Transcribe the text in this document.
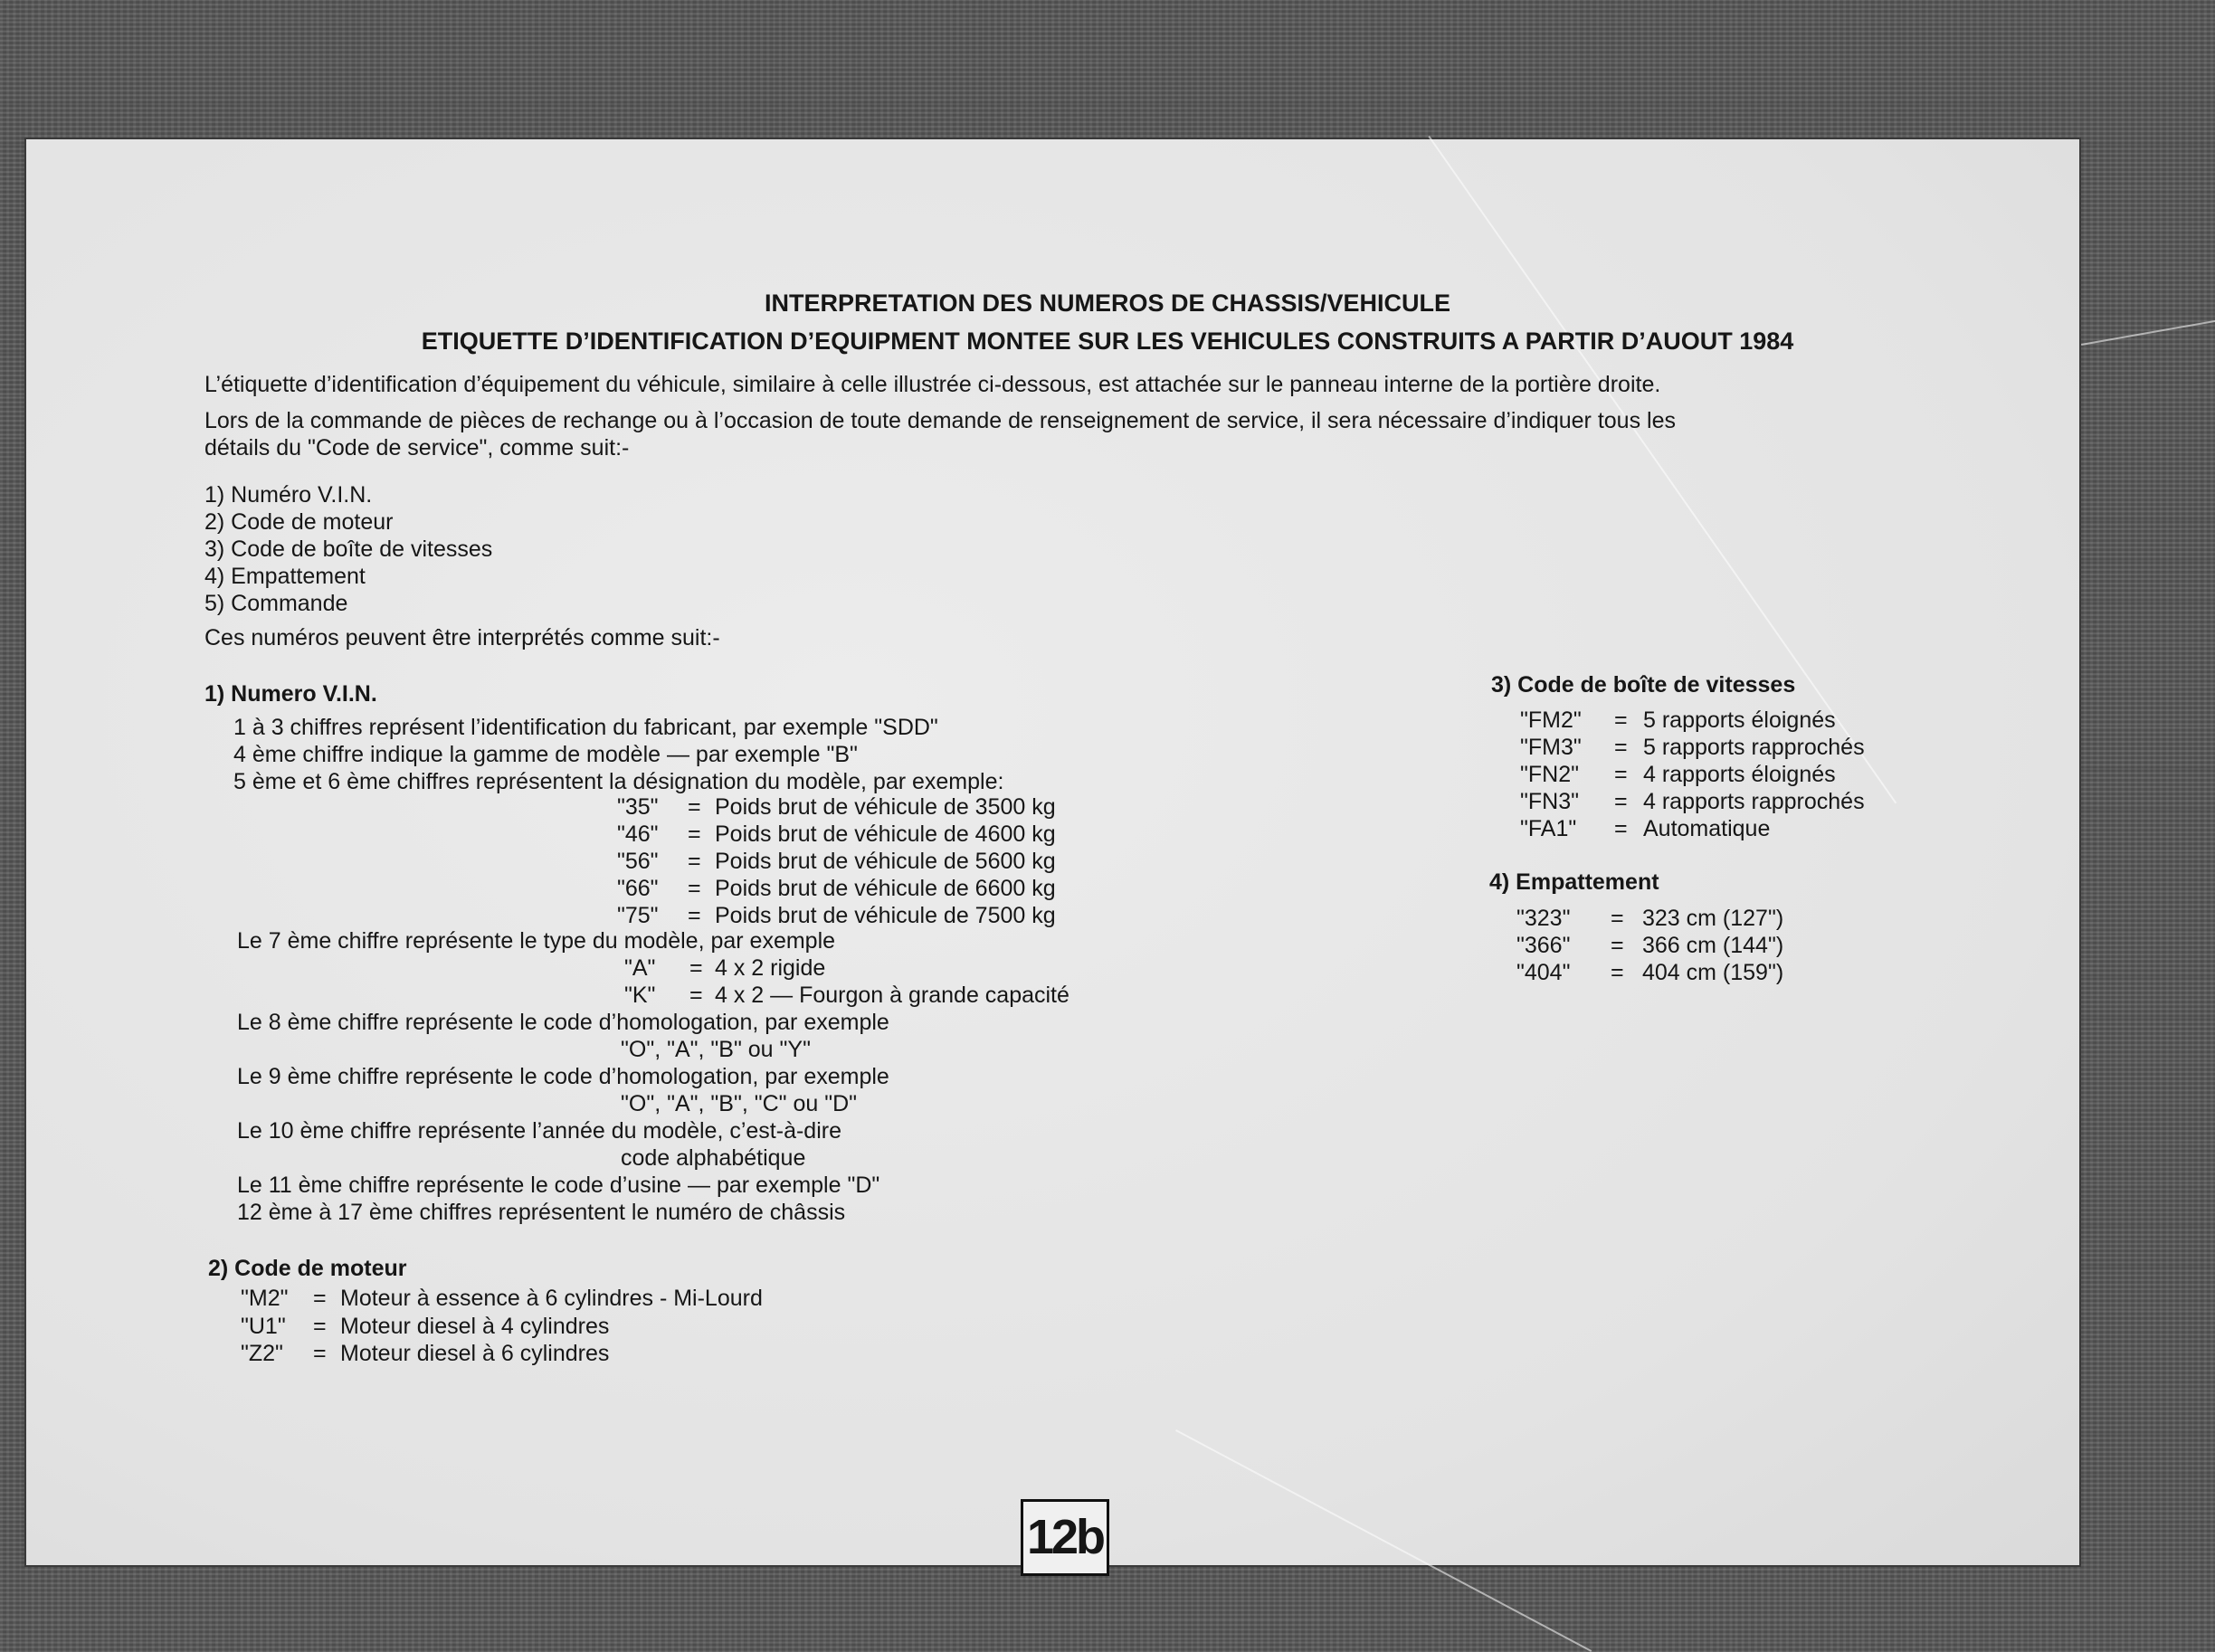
INTERPRETATION DES NUMEROS DE CHASSIS/VEHICULE
ETIQUETTE D’IDENTIFICATION D’EQUIPMENT MONTEE SUR LES VEHICULES CONSTRUITS A PARTIR D’AUOUT 1984
L’étiquette d’identification d’équipement du véhicule, similaire à celle illustrée ci-dessous, est attachée sur le panneau interne de la portière droite.
Lors de la commande de pièces de rechange ou à l’occasion de toute demande de renseignement de service, il sera nécessaire d’indiquer tous les
détails du "Code de service", comme suit:-
1) Numéro V.I.N.
2) Code de moteur
3) Code de boîte de vitesses
4) Empattement
5) Commande
Ces numéros peuvent être interprétés comme suit:-
1) Numero V.I.N.
1 à 3 chiffres représent l’identification du fabricant, par exemple "SDD"
4 ème chiffre indique la gamme de modèle — par exemple "B"
5 ème et 6 ème chiffres représentent la désignation du modèle, par exemple:
"35" = Poids brut de véhicule de 3500 kg
"46" = Poids brut de véhicule de 4600 kg
"56" = Poids brut de véhicule de 5600 kg
"66" = Poids brut de véhicule de 6600 kg
"75" = Poids brut de véhicule de 7500 kg
Le 7 ème chiffre représente le type du modèle, par exemple
"A" = 4 x 2 rigide
"K" = 4 x 2 — Fourgon à grande capacité
Le 8 ème chiffre représente le code d’homologation, par exemple
"O", "A", "B" ou "Y"
Le 9 ème chiffre représente le code d’homologation, par exemple
"O", "A", "B", "C" ou "D"
Le 10 ème chiffre représente l’année du modèle, c’est-à-dire
code alphabétique
Le 11 ème chiffre représente le code d’usine — par exemple "D"
12 ème à 17 ème chiffres représentent le numéro de châssis
2) Code de moteur
"M2" = Moteur à essence à 6 cylindres - Mi-Lourd
"U1" = Moteur diesel à 4 cylindres
"Z2" = Moteur diesel à 6 cylindres
3) Code de boîte de vitesses
"FM2" = 5 rapports éloignés
"FM3" = 5 rapports rapprochés
"FN2" = 4 rapports éloignés
"FN3" = 4 rapports rapprochés
"FA1" = Automatique
4) Empattement
"323" = 323 cm (127")
"366" = 366 cm (144")
"404" = 404 cm (159")
12b
